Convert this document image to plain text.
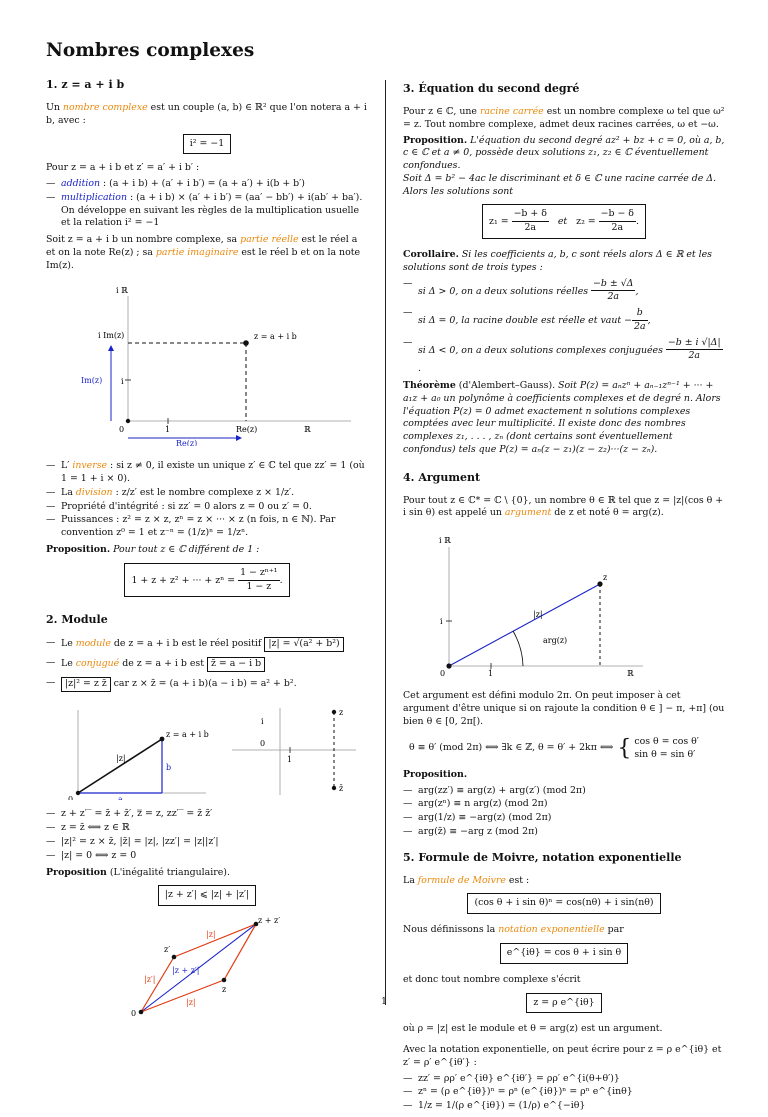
Nombres complexes
1. z = a + i b

Un nombre complexe est un couple (a, b) ∈ ℝ² que l'on notera a + i b, avec :

i² = −1

Pour z = a + i b et z′ = a′ + i b′ :

— addition : (a + i b) + (a′ + i b′) = (a + a′) + i(b + b′)
— multiplication : (a + i b) × (a′ + i b′) = (aa′ − bb′) + i(ab′ + ba′).
On développe en suivant les règles de la multiplication usuelle et la relation i² = −1

Soit z = a + i b un nombre complexe, sa partie réelle est le réel a et on la note Re(z) ; sa partie imaginaire est le réel b et on la note Im(z).

i ℝ
i Im(z)	z = a + i b
Im(z) i
0	1	Re(z)	ℝ
Re(z)
— L′ inverse : si z ≠ 0, il existe un unique z′ ∈ ℂ tel que zz′ = 1 (où 1 = 1 + i × 0).
— La division : z/z′ est le nombre complexe z × 1/z′.
— Propriété d'intégrité : si zz′ = 0 alors z = 0 ou z′ = 0.
— Puissances : z² = z × z, zⁿ = z × ··· × z (n fois, n ∈ ℕ). Par convention z⁰ = 1 et z⁻ⁿ = (1/z)ⁿ = 1/zⁿ.

Proposition. Pour tout z ∈ ℂ différent de 1 :

1 + z + z² + ··· + $z^n = \frac{\text{1 − zⁿ⁺¹}}{1 - z}$ .
2. Module
— Le module de z = a + i b est le réel positif |z| = √(a² + b²)
— Le conjugué de z = a + i b est z̄ = a − i b
— |z|² = z z̄ car z × z̄ = (a + i b)(a − i b) = a² + b².
z = a + i b
|z|
b
a
0
z
z̄
i
0
1
— z + z′‾ = z̄ + z̄′, z̿ = z, zz′‾ = z̄ z̄′
— z = z̄ ⟺ z ∈ ℝ
— |z|² = z × z̄, |z̄| = |z|, |zz′| = |z||z′|
— |z| = 0 ⟺ z = 0

Proposition (L'inégalité triangulaire).

|z + z′| ⩽ |z| + |z′|
z + z′
z′
|z|
|z′|
|z + z′|
z
|z|
0
3. Équation du second degré

Pour z ∈ ℂ, une racine carrée est un nombre complexe ω tel que ω² = z. Tout nombre complexe, admet deux racines carrées, ω et −ω.

Proposition. L'équation du second degré az² + bz + c = 0, où a, b, c ∈ ℂ et a ≠ 0, possède deux solutions z₁, z₂ ∈ ℂ éventuellement confondues.
Soit Δ = b² − 4ac le discriminant et δ ∈ ℂ une racine carrée de Δ. Alors les solutions sont

$z_1 = \frac{-b + \delta}{2a}$ et $z_2 = \frac{-b - \delta}{2a}$ .

Corollaire. Si les coefficients a, b, c sont réels alors Δ ∈ ℝ et les solutions sont de trois types :

— si Δ > 0, on a deux solutions réelles $\frac{-b \pm √\Delta}{2a}$ ,
— si Δ = 0, la racine double est réelle et vaut − $\frac{b}{2a}$ ,
— si Δ < 0, on a deux solutions complexes conjuguées $\frac{-b \pm i √|\Delta|}{2a}$
.

Théorème (d'Alembert–Gauss). Soit P(z) = aₙzⁿ + aₙ₋₁zⁿ⁻¹ + ··· + a₁z + a₀ un polynôme à coefficients complexes et de degré n. Alors l'équation P(z) = 0 admet exactement n solutions complexes comptées avec leur multiplicité. Il existe donc des nombres complexes z₁, . . . , zₙ (dont certains sont éventuellement confondus) tels que P(z) = aₙ(z − z₁)(z − z₂)···(z − zₙ).

4. Argument

Pour tout z ∈ ℂ* = ℂ \ {0}, un nombre θ ∈ ℝ tel que z = |z|(cos θ + i sin θ) est appelé un argument de z et noté θ = arg(z).

i ℝ
z
|z|
arg(z)
i
0	1	ℝ

Cet argument est défini modulo 2π. On peut imposer à cet argument d'être unique si on rajoute la condition θ ∈ ] − π, +π] (ou bien θ ∈ [0, 2π[).

θ ≡ θ′ (mod 2π) ⟺ ∃k ∈ ℤ, θ = θ′ + 2kπ ⟺ { cos θ = cos θ′
sin θ = sin θ′

Proposition.

— arg(zz′) ≡ arg(z) + arg(z′) (mod 2π)
— arg(zⁿ) ≡ n arg(z) (mod 2π)
— arg(1/z) ≡ −arg(z) (mod 2π)
— arg(z̄) ≡ −arg z (mod 2π)
5. Formule de Moivre, notation exponentielle

La formule de Moivre est :

(cos θ + i sin θ)ⁿ = cos(nθ) + i sin(nθ)

Nous définissons la notation exponentielle par

e^{iθ} = cos θ + i sin θ

et donc tout nombre complexe s'écrit

z = ρ e^{iθ}

où ρ = |z| est le module et θ = arg(z) est un argument.

Avec la notation exponentielle, on peut écrire pour z = ρ e^{iθ} et z′ = ρ′ e^{iθ′} :

— zz′ = ρρ′ e^{iθ} e^{iθ′} = ρρ′ e^{i(θ+θ′)}
— zⁿ = (ρ e^{iθ})ⁿ = ρⁿ (e^{iθ})ⁿ = ρⁿ e^{inθ}
— 1/z = 1/(ρ e^{iθ}) = (1/ρ) e^{−iθ}
1
